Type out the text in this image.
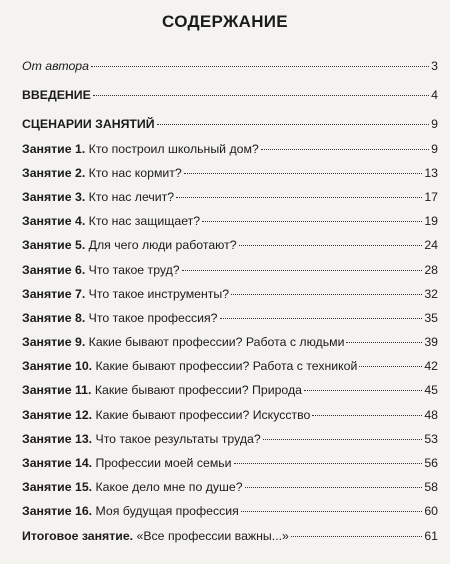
СОДЕРЖАНИЕ
От автора	3
ВВЕДЕНИЕ	4
СЦЕНАРИИ ЗАНЯТИЙ	9
Занятие 1. Кто построил школьный дом?	9
Занятие 2. Кто нас кормит?	13
Занятие 3. Кто нас лечит?	17
Занятие 4. Кто нас защищает?	19
Занятие 5. Для чего люди работают?	24
Занятие 6. Что такое труд?	28
Занятие 7. Что такое инструменты?	32
Занятие 8. Что такое профессия?	35
Занятие 9. Какие бывают профессии? Работа с людьми	39
Занятие 10. Какие бывают профессии? Работа с техникой	42
Занятие 11. Какие бывают профессии? Природа	45
Занятие 12. Какие бывают профессии? Искусство	48
Занятие 13. Что такое результаты труда?	53
Занятие 14. Профессии моей семьи	56
Занятие 15. Какое дело мне по душе?	58
Занятие 16. Моя будущая профессия	60
Итоговое занятие. «Все профессии важны...»	61
